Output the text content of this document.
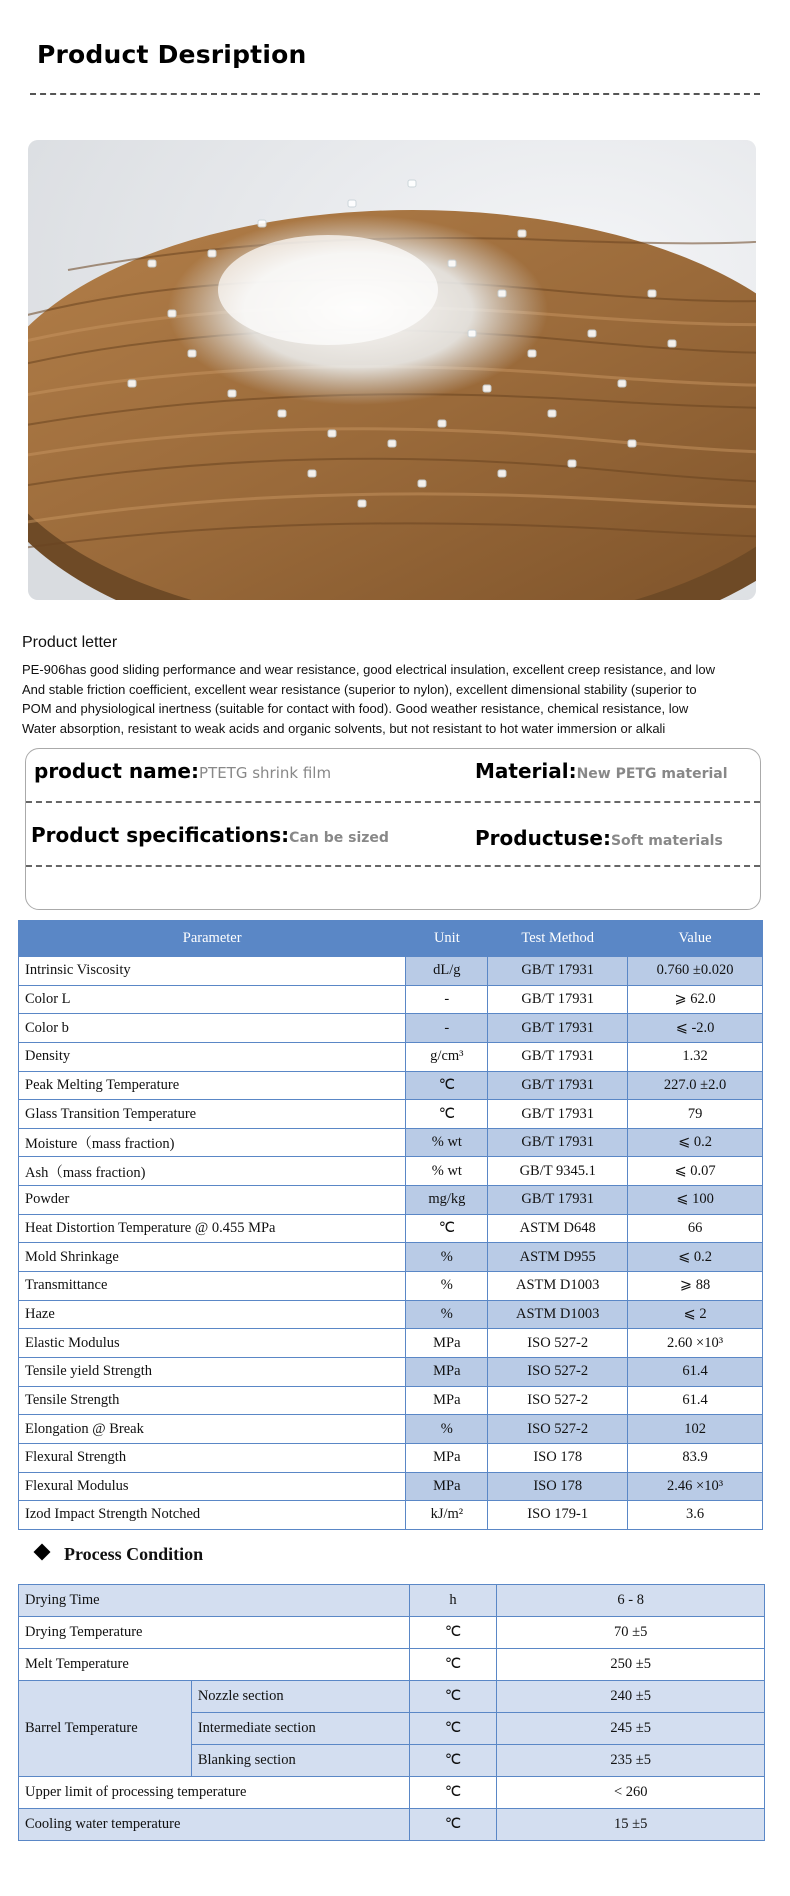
Product Desription
Product letter
PE-906has good sliding performance and wear resistance, good electrical insulation, excellent creep resistance, and low
And stable friction coefficient, excellent wear resistance (superior to nylon), excellent dimensional stability (superior to
POM and physiological inertness (suitable for contact with food). Good weather resistance, chemical resistance, low
Water absorption, resistant to weak acids and organic solvents, but not resistant to hot water immersion or alkali
product name:PTETG shrink film	Material:New PETG material
Product specifications:Can be sized	Productuse:Soft materials
Parameter	Unit	Test Method	Value
Intrinsic Viscosity	dL/g	GB/T 17931	0.760 ±0.020
Color L	-	GB/T 17931	⩾ 62.0
Color b	-	GB/T 17931	⩽ -2.0
Density	g/cm³	GB/T 17931	1.32
Peak Melting Temperature	℃	GB/T 17931	227.0 ±2.0
Glass Transition Temperature	℃	GB/T 17931	79
Moisture（mass fraction)	% wt	GB/T 17931	⩽ 0.2
Ash（mass fraction)	% wt	GB/T 9345.1	⩽ 0.07
Powder	mg/kg	GB/T 17931	⩽ 100
Heat Distortion Temperature @ 0.455 MPa	℃	ASTM D648	66
Mold Shrinkage	%	ASTM D955	⩽ 0.2
Transmittance	%	ASTM D1003	⩾ 88
Haze	%	ASTM D1003	⩽ 2
Elastic Modulus	MPa	ISO 527-2	2.60 ×10³
Tensile yield Strength	MPa	ISO 527-2	61.4
Tensile Strength	MPa	ISO 527-2	61.4
Elongation @ Break	%	ISO 527-2	102
Flexural Strength	MPa	ISO 178	83.9
Flexural Modulus	MPa	ISO 178	2.46 ×10³
Izod Impact Strength Notched	kJ/m²	ISO 179-1	3.6
Process Condition
Drying Time		h	6 - 8
Drying Temperature		℃	70 ±5
Melt Temperature		℃	250 ±5
Barrel Temperature	Nozzle section	℃	240 ±5
	Intermediate section	℃	245 ±5
	Blanking section	℃	235 ±5
Upper limit of processing temperature		℃	< 260
Cooling water temperature		℃	15 ±5
